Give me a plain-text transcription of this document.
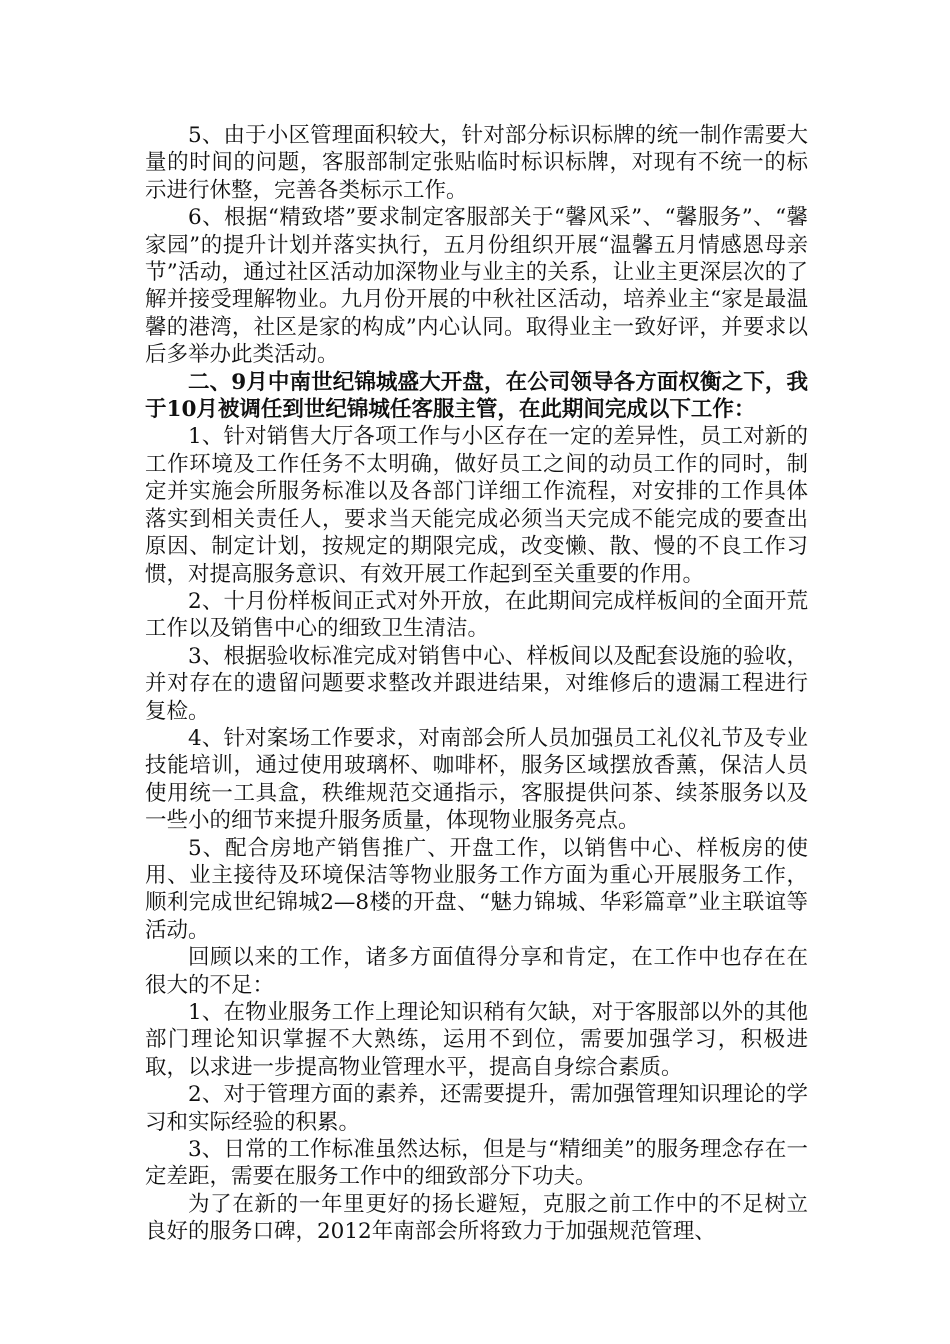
5、由于小区管理面积较大，针对部分标识标牌的统一制作需要大量的时间的问题，客服部制定张贴临时标识标牌，对现有不统一的标示进行休整，完善各类标示工作。

6、根据“精致塔”要求制定客服部关于“馨风采”、“馨服务”、“馨家园”的提升计划并落实执行，五月份组织开展“温馨五月情感恩母亲节”活动，通过社区活动加深物业与业主的关系，让业主更深层次的了解并接受理解物业。九月份开展的中秋社区活动，培养业主“家是最温馨的港湾，社区是家的构成”内心认同。取得业主一致好评，并要求以后多举办此类活动。

二、9月中南世纪锦城盛大开盘，在公司领导各方面权衡之下，我于10月被调任到世纪锦城任客服主管，在此期间完成以下工作：

1、针对销售大厅各项工作与小区存在一定的差异性，员工对新的工作环境及工作任务不太明确，做好员工之间的动员工作的同时，制定并实施会所服务标准以及各部门详细工作流程，对安排的工作具体落实到相关责任人，要求当天能完成必须当天完成不能完成的要查出原因、制定计划，按规定的期限完成，改变懒、散、慢的不良工作习惯，对提高服务意识、有效开展工作起到至关重要的作用。

2、十月份样板间正式对外开放，在此期间完成样板间的全面开荒工作以及销售中心的细致卫生清洁。

3、根据验收标准完成对销售中心、样板间以及配套设施的验收，并对存在的遗留问题要求整改并跟进结果，对维修后的遗漏工程进行复检。

4、针对案场工作要求，对南部会所人员加强员工礼仪礼节及专业技能培训，通过使用玻璃杯、咖啡杯，服务区域摆放香薰，保洁人员使用统一工具盒，秩维规范交通指示，客服提供问茶、续茶服务以及一些小的细节来提升服务质量，体现物业服务亮点。

5、配合房地产销售推广、开盘工作，以销售中心、样板房的使用、业主接待及环境保洁等物业服务工作方面为重心开展服务工作，顺利完成世纪锦城2—8楼的开盘、“魅力锦城、华彩篇章”业主联谊等活动。

回顾以来的工作，诸多方面值得分享和肯定，在工作中也存在在很大的不足：

1、在物业服务工作上理论知识稍有欠缺，对于客服部以外的其他部门理论知识掌握不大熟练，运用不到位，需要加强学习，积极进取，以求进一步提高物业管理水平，提高自身综合素质。

2、对于管理方面的素养，还需要提升，需加强管理知识理论的学习和实际经验的积累。

3、日常的工作标准虽然达标，但是与“精细美”的服务理念存在一定差距，需要在服务工作中的细致部分下功夫。

为了在新的一年里更好的扬长避短，克服之前工作中的不足树立良好的服务口碑，2012年南部会所将致力于加强规范管理、
